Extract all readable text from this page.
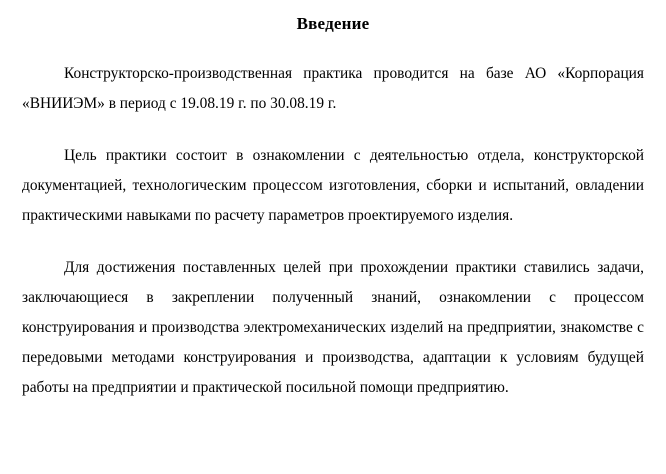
Введение

Конструкторско-производственная практика проводится на базе АО «Корпорация «ВНИИЭМ» в период с 19.08.19 г. по 30.08.19 г.

Цель практики состоит в ознакомлении с деятельностью отдела, конструкторской документацией, технологическим процессом изготовления, сборки и испытаний, овладении практическими навыками по расчету параметров проектируемого изделия.

Для достижения поставленных целей при прохождении практики ставились задачи, заключающиеся в закреплении полученный знаний, ознакомлении с процессом конструирования и производства электромеханических изделий на предприятии, знакомстве с передовыми методами конструирования и производства, адаптации к условиям будущей работы на предприятии и практической посильной помощи предприятию.
